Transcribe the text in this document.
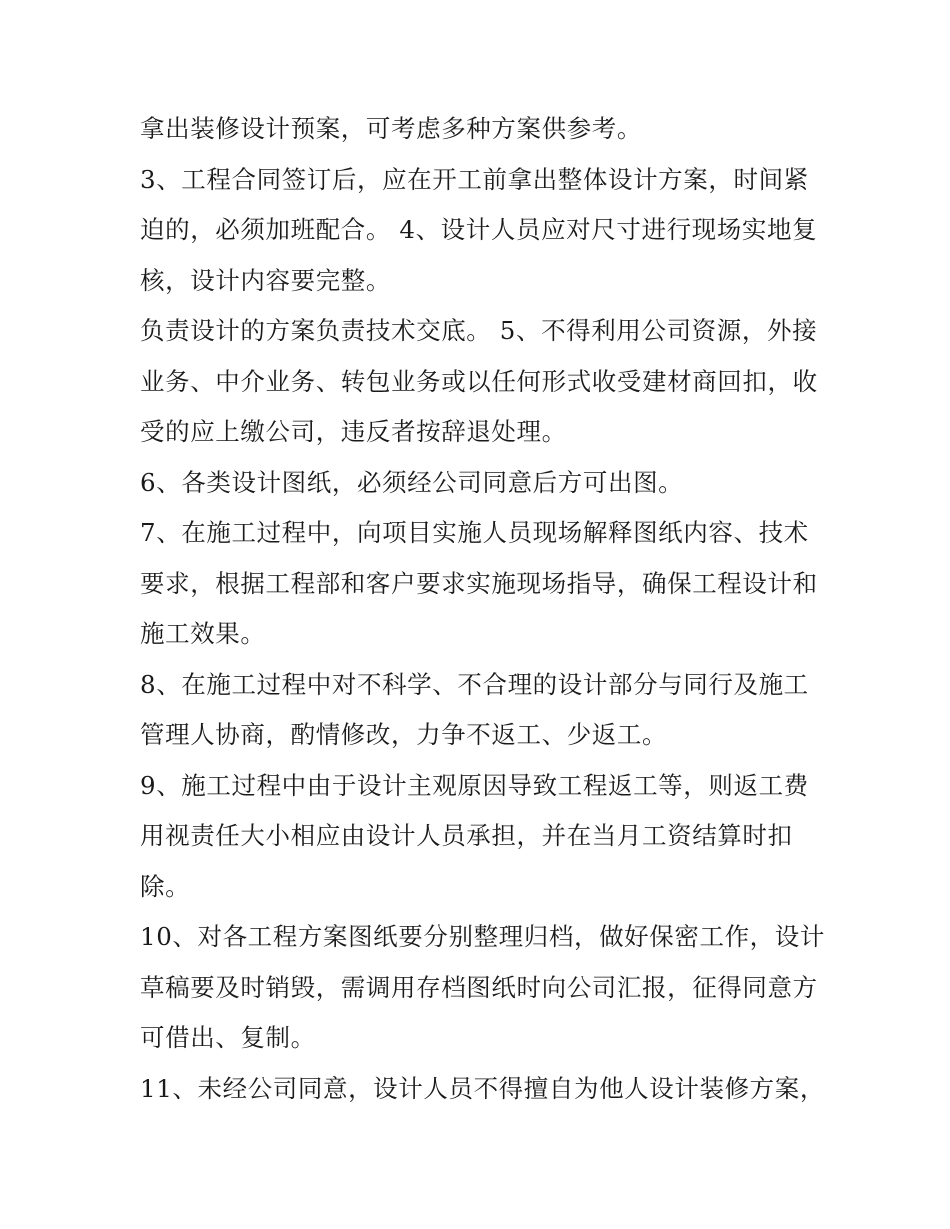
拿出装修设计预案，可考虑多种方案供参考。

3、工程合同签订后，应在开工前拿出整体设计方案，时间紧
迫的，必须加班配合。 4、设计人员应对尺寸进行现场实地复
核，设计内容要完整。

负责设计的方案负责技术交底。 5、不得利用公司资源，外接
业务、中介业务、转包业务或以任何形式收受建材商回扣，收
受的应上缴公司，违反者按辞退处理。

6、各类设计图纸，必须经公司同意后方可出图。

7、在施工过程中，向项目实施人员现场解释图纸内容、技术
要求，根据工程部和客户要求实施现场指导，确保工程设计和
施工效果。

8、在施工过程中对不科学、不合理的设计部分与同行及施工
管理人协商，酌情修改，力争不返工、少返工。

9、施工过程中由于设计主观原因导致工程返工等，则返工费
用视责任大小相应由设计人员承担，并在当月工资结算时扣
除。

10、对各工程方案图纸要分别整理归档，做好保密工作，设计
草稿要及时销毁，需调用存档图纸时向公司汇报，征得同意方
可借出、复制。

11、未经公司同意，设计人员不得擅自为他人设计装修方案，
